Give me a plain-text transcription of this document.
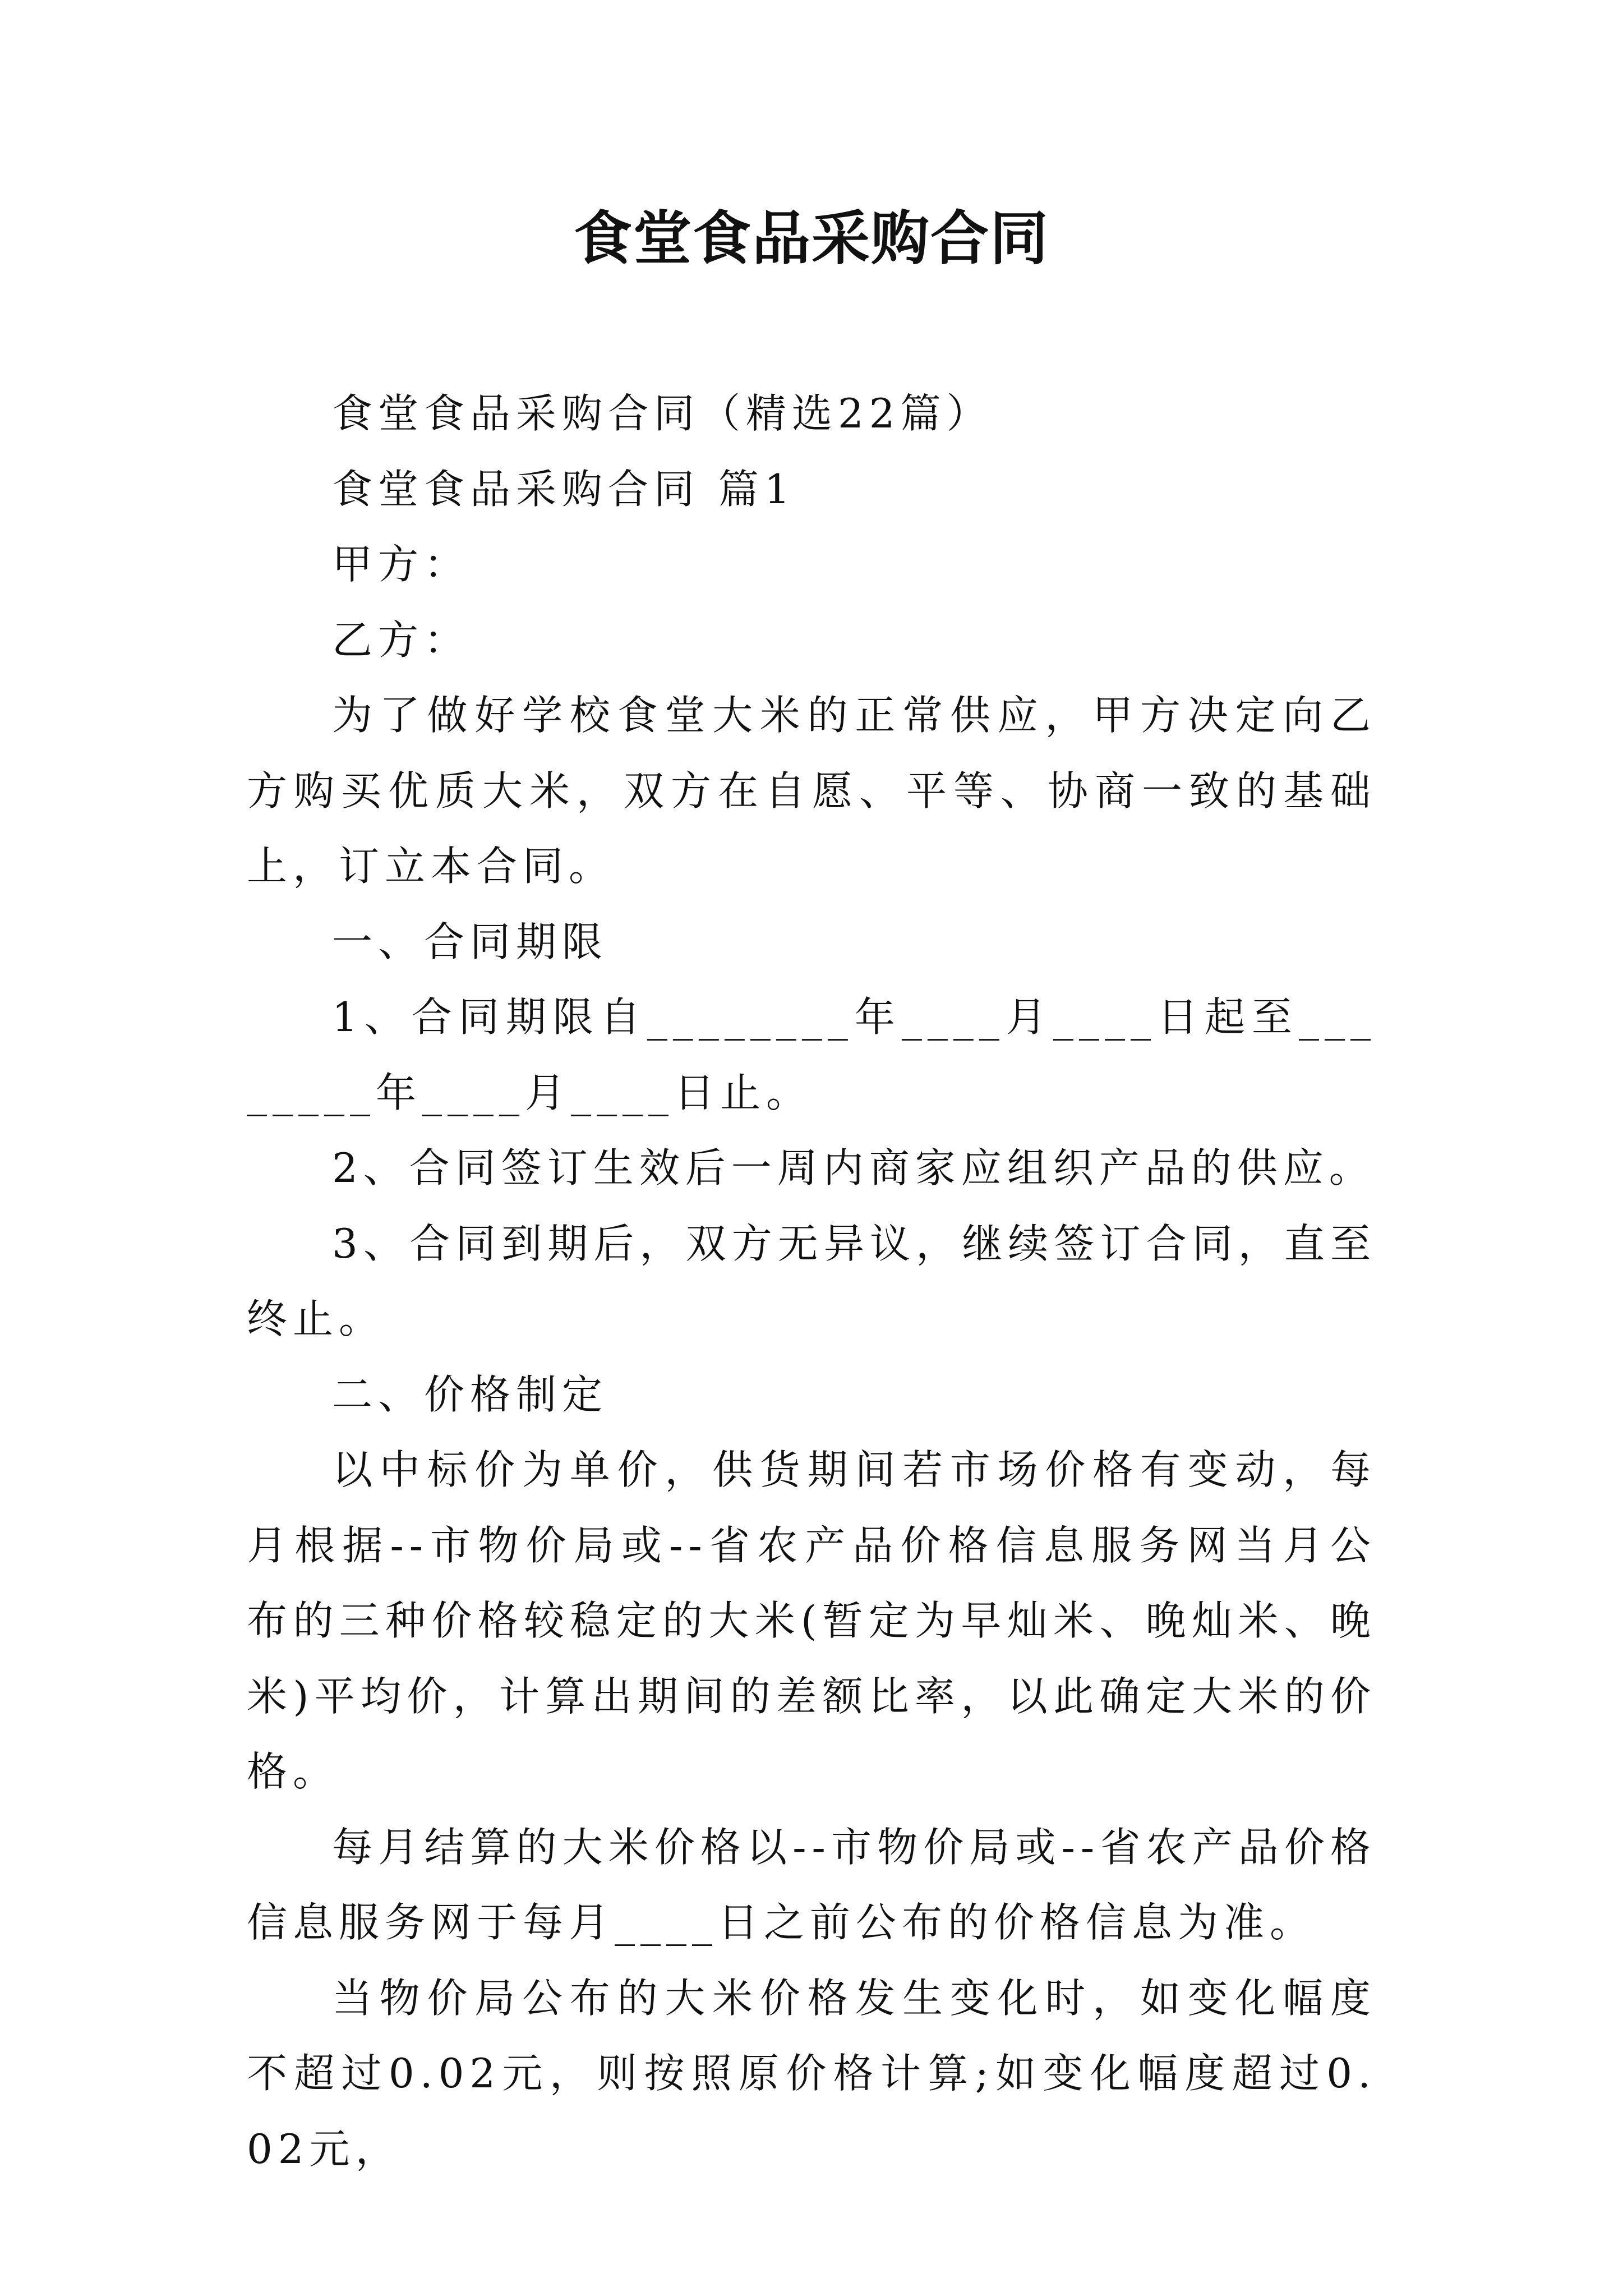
食堂食品采购合同

食堂食品采购合同（精选22篇）

食堂食品采购合同 篇1

甲方：

乙方：

为了做好学校食堂大米的正常供应，甲方决定向乙方购买优质大米，双方在自愿、平等、协商一致的基础上，订立本合同。

一、合同期限

1、合同期限自________年____月____日起至________年____月____日止。

2、合同签订生效后一周内商家应组织产品的供应。

3、合同到期后，双方无异议，继续签订合同，直至终止。

二、价格制定

以中标价为单价，供货期间若市场价格有变动，每月根据--市物价局或--省农产品价格信息服务网当月公布的三种价格较稳定的大米(暂定为早灿米、晚灿米、晚米)平均价，计算出期间的差额比率，以此确定大米的价格。

每月结算的大米价格以--市物价局或--省农产品价格信息服务网于每月____日之前公布的价格信息为准。

当物价局公布的大米价格发生变化时，如变化幅度不超过0.02元，则按照原价格计算;如变化幅度超过0.02元，
